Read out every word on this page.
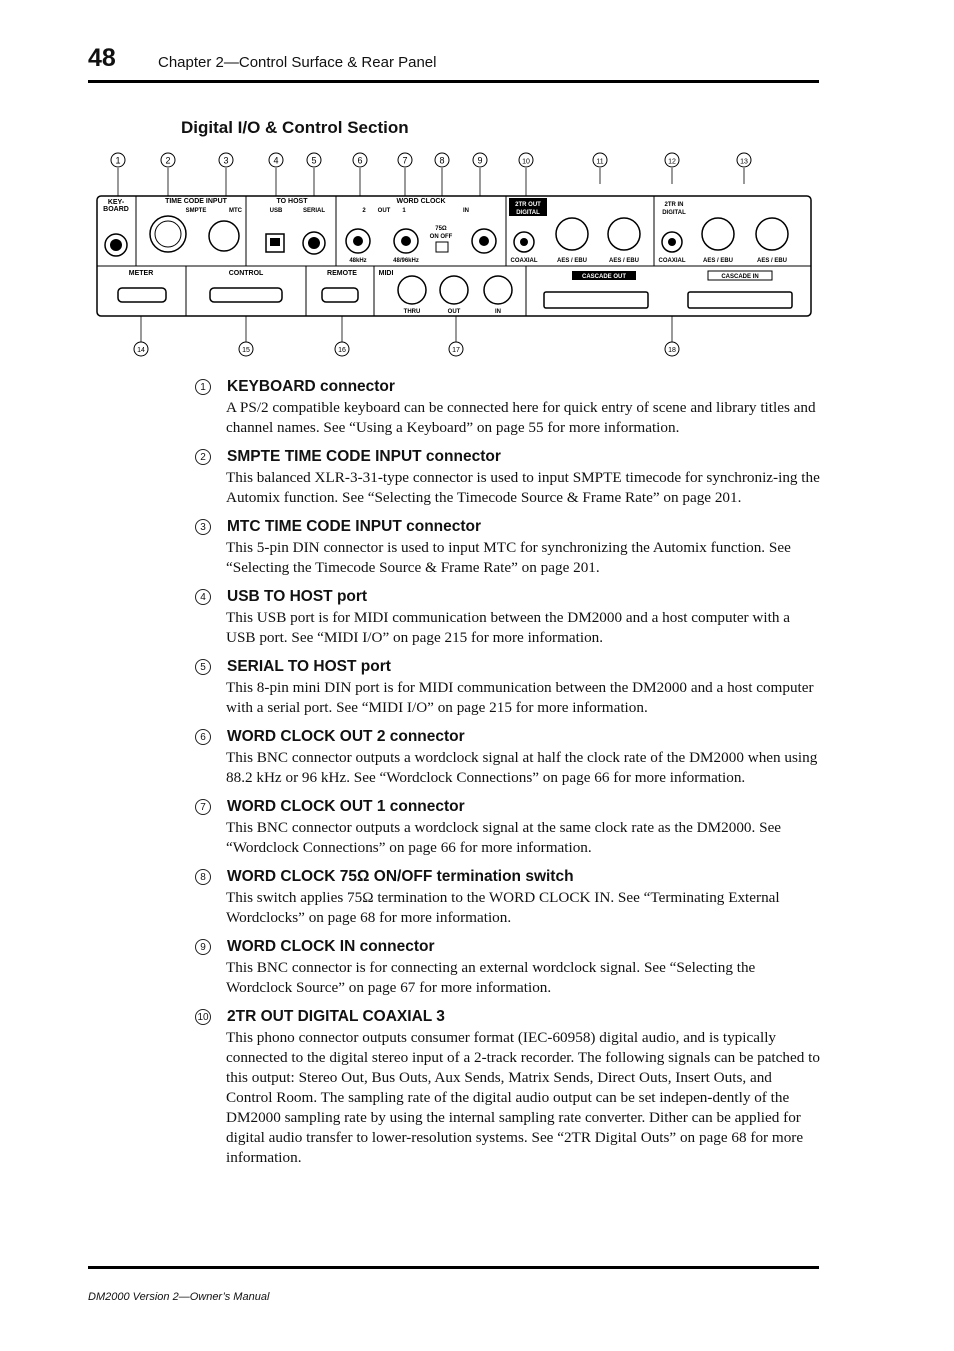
48	Chapter 2—Control Surface & Rear Panel
Digital I/O & Control Section
1	2	3	4	5	6	7	8	9	10	11	12	13
14	15	16	17	18
KEY-
BOARD
TIME CODE INPUT
SMPTE	MTC
TO HOST
USB	SERIAL
WORD CLOCK
2 OUT 1	IN
75Ω
ON OFF
48kHz	48/96kHz
2TR OUT
DIGITAL
COAXIAL	AES / EBU	AES / EBU
2TR IN
DIGITAL
COAXIAL	AES / EBU	AES / EBU
METER	CONTROL	REMOTE	MIDI
THRU	OUT	IN
CASCADE OUT	CASCADE IN
1	KEYBOARD connector
A PS/2 compatible keyboard can be connected here for quick entry of scene and library titles and channel names. See “Using a Keyboard” on page 55 for more information.
2	SMPTE TIME CODE INPUT connector
This balanced XLR-3-31-type connector is used to input SMPTE timecode for synchroniz-ing the Automix function. See “Selecting the Timecode Source & Frame Rate” on page 201.
3	MTC TIME CODE INPUT connector
This 5-pin DIN connector is used to input MTC for synchronizing the Automix function. See “Selecting the Timecode Source & Frame Rate” on page 201.
4	USB TO HOST port
This USB port is for MIDI communication between the DM2000 and a host computer with a USB port. See “MIDI I/O” on page 215 for more information.
5	SERIAL TO HOST port
This 8-pin mini DIN port is for MIDI communication between the DM2000 and a host computer with a serial port. See “MIDI I/O” on page 215 for more information.
6	WORD CLOCK OUT 2 connector
This BNC connector outputs a wordclock signal at half the clock rate of the DM2000 when using 88.2 kHz or 96 kHz. See “Wordclock Connections” on page 66 for more information.
7	WORD CLOCK OUT 1 connector
This BNC connector outputs a wordclock signal at the same clock rate as the DM2000. See “Wordclock Connections” on page 66 for more information.
8	WORD CLOCK 75Ω ON/OFF termination switch
This switch applies 75Ω termination to the WORD CLOCK IN. See “Terminating External Wordclocks” on page 68 for more information.
9	WORD CLOCK IN connector
This BNC connector is for connecting an external wordclock signal. See “Selecting the Wordclock Source” on page 67 for more information.
10 2TR OUT DIGITAL COAXIAL 3
This phono connector outputs consumer format (IEC-60958) digital audio, and is typically connected to the digital stereo input of a 2-track recorder. The following signals can be patched to this output: Stereo Out, Bus Outs, Aux Sends, Matrix Sends, Direct Outs, Insert Outs, and Control Room. The sampling rate of the digital audio output can be set indepen-dently of the DM2000 sampling rate by using the internal sampling rate converter. Dither can be applied for digital audio transfer to lower-resolution systems. See “2TR Digital Outs” on page 68 for more information.
DM2000 Version 2—Owner’s Manual
